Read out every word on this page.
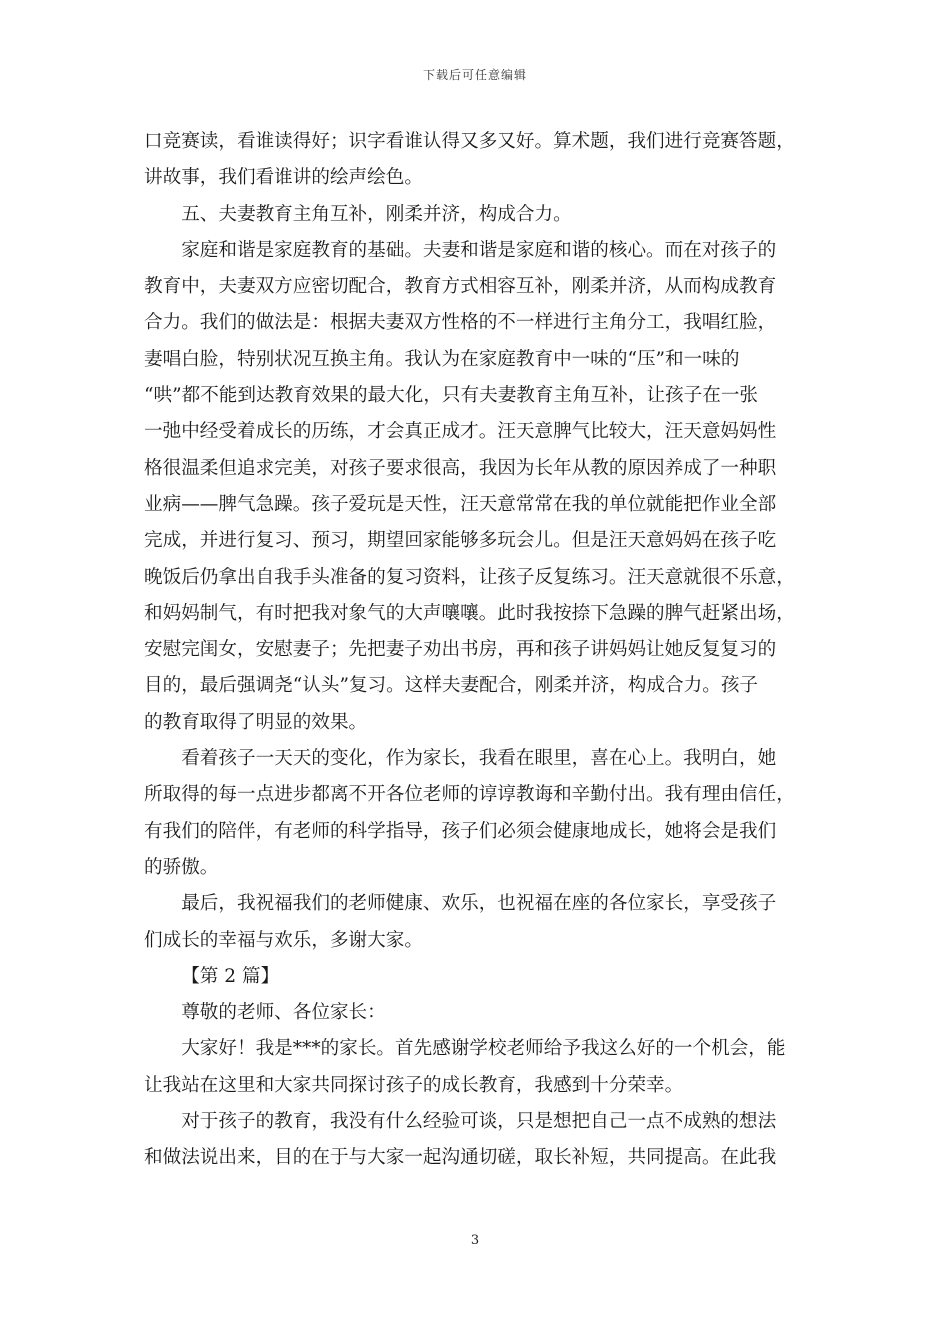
下载后可任意编辑

口竞赛读，看谁读得好；识字看谁认得又多又好。算术题，我们进行竞赛答题，
讲故事，我们看谁讲的绘声绘色。

五、夫妻教育主角互补，刚柔并济，构成合力。

家庭和谐是家庭教育的基础。夫妻和谐是家庭和谐的核心。而在对孩子的
教育中，夫妻双方应密切配合，教育方式相容互补，刚柔并济，从而构成教育
合力。我们的做法是：根据夫妻双方性格的不一样进行主角分工，我唱红脸，
妻唱白脸，特别状况互换主角。我认为在家庭教育中一味的“压”和一味的
“哄”都不能到达教育效果的最大化，只有夫妻教育主角互补，让孩子在一张
一弛中经受着成长的历练，才会真正成才。汪天意脾气比较大，汪天意妈妈性
格很温柔但追求完美，对孩子要求很高，我因为长年从教的原因养成了一种职
业病——脾气急躁。孩子爱玩是天性，汪天意常常在我的单位就能把作业全部
完成，并进行复习、预习，期望回家能够多玩会儿。但是汪天意妈妈在孩子吃
晚饭后仍拿出自我手头准备的复习资料，让孩子反复练习。汪天意就很不乐意，
和妈妈制气，有时把我对象气的大声嚷嚷。此时我按捺下急躁的脾气赶紧出场，
安慰完闺女，安慰妻子；先把妻子劝出书房，再和孩子讲妈妈让她反复复习的
目的，最后强调尧“认头”复习。这样夫妻配合，刚柔并济，构成合力。孩子
的教育取得了明显的效果。

看着孩子一天天的变化，作为家长，我看在眼里，喜在心上。我明白，她
所取得的每一点进步都离不开各位老师的谆谆教诲和辛勤付出。我有理由信任，
有我们的陪伴，有老师的科学指导，孩子们必须会健康地成长，她将会是我们
的骄傲。

最后，我祝福我们的老师健康、欢乐，也祝福在座的各位家长，享受孩子
们成长的幸福与欢乐，多谢大家。

【第 2 篇】

尊敬的老师、各位家长：

大家好！我是***的家长。首先感谢学校老师给予我这么好的一个机会，能
让我站在这里和大家共同探讨孩子的成长教育，我感到十分荣幸。

对于孩子的教育，我没有什么经验可谈，只是想把自己一点不成熟的想法
和做法说出来，目的在于与大家一起沟通切磋，取长补短，共同提高。在此我

3
